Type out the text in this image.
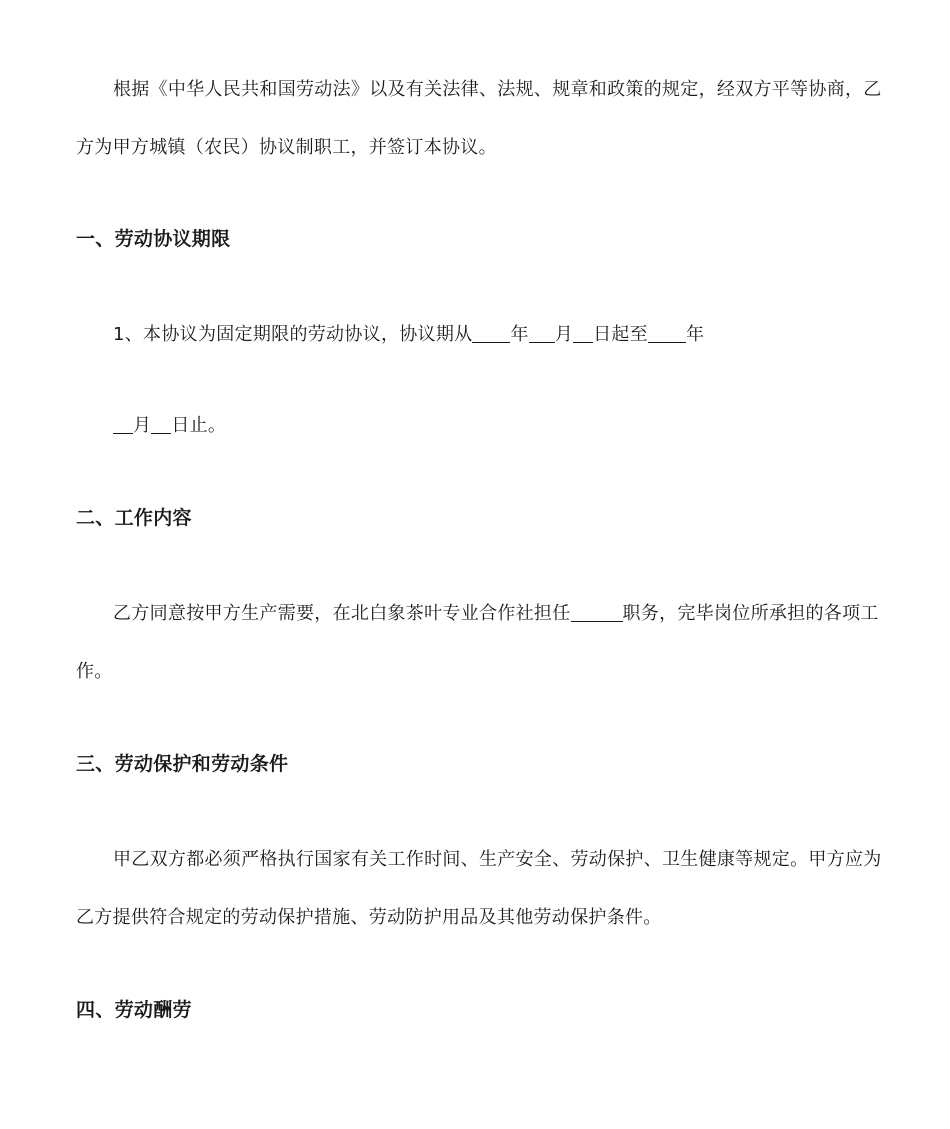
根据《中华人民共和国劳动法》以及有关法律、法规、规章和政策的规定，经双方平等协商，乙
方为甲方城镇（农民）协议制职工，并签订本协议。
一、劳动协议期限
1、本协议为固定期限的劳动协议，协议期从 年 月 日起至 年
月 日止。
二、工作内容
乙方同意按甲方生产需要，在北白象茶叶专业合作社担任	职务，完毕岗位所承担的各项工
作。
三、劳动保护和劳动条件
甲乙双方都必须严格执行国家有关工作时间、生产安全、劳动保护、卫生健康等规定。甲方应为
乙方提供符合规定的劳动保护措施、劳动防护用品及其他劳动保护条件。
四、劳动酬劳
